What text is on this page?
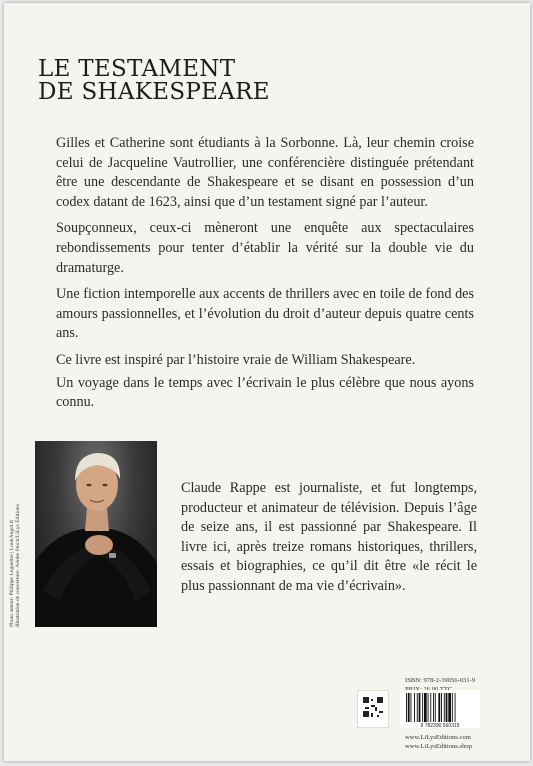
LE TESTAMENT
DE SHAKESPEARE

Gilles et Catherine sont étudiants à la Sorbonne. Là, leur chemin croise celui de Jacqueline Vautrollier, une conférencière distinguée prétendant être une descendante de Shakespeare et se disant en possession d’un codex datant de 1623, ainsi que d’un testament signé par l’auteur.

Soupçonneux, ceux-ci mèneront une enquête aux spectaculaires rebondissements pour tenter d’établir la vérité sur la double vie du dramaturge.

Une fiction intemporelle aux accents de thrillers avec en toile de fond des amours passionnelles, et l’évolution du droit d’auteur depuis quatre cents ans.

Ce livre est inspiré par l’histoire vraie de William Shakespeare.

Un voyage dans le temps avec l’écrivain le plus célèbre que nous ayons connu.

Photo auteur: Philippe Legueltre | LookAngel.fr Illustration de couverture: Adobe Stock/LiLys Éditions
Claude Rappe est journaliste, et fut longtemps, producteur et animateur de télévision. Depuis l’âge de seize ans, il est passionné par Shakespeare. Il livre ici, après treize romans historiques, thrillers, essais et biographies, ce qu’il dit être «le récit le plus passionnant de ma vie d’écrivain».
ISBN: 978-2-39056-031-9
9 782390 560319
www.LiLysEditions.com
www.LiLysEditions.shop
